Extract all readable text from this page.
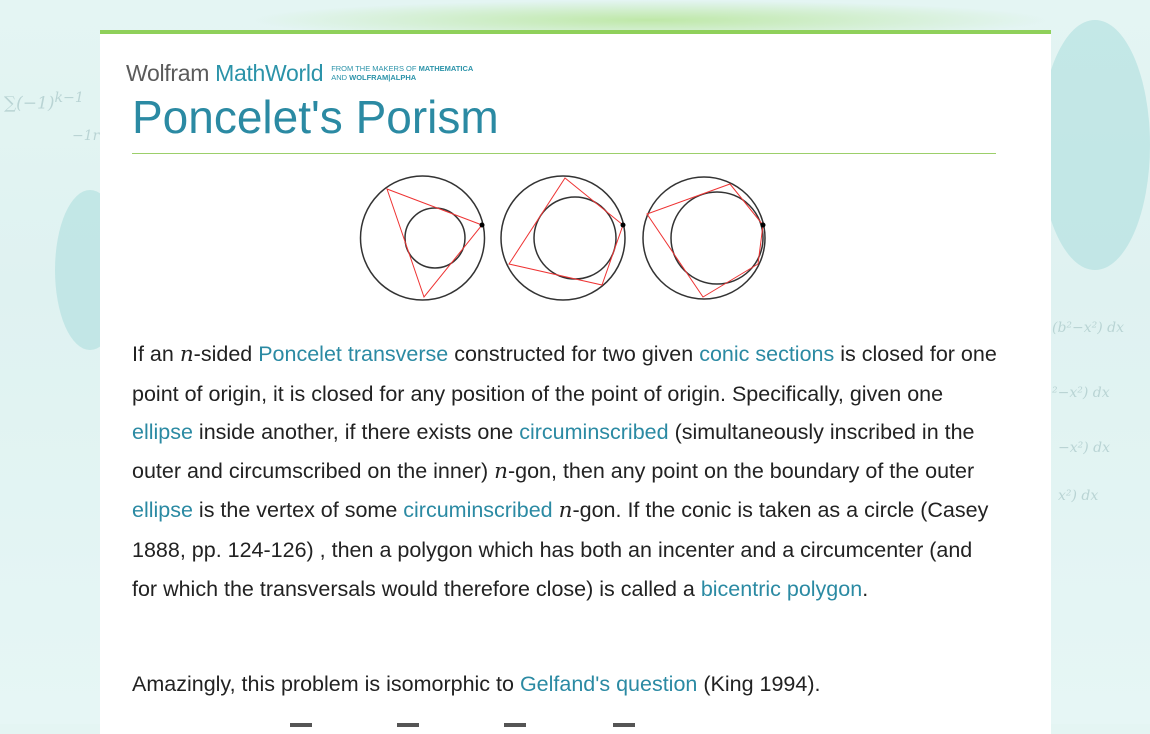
$\sum(-1)^{k-1}$
−1r
(b²−x²) dx
²−x²) dx
−x²) dx
x²) dx
Wolfram MathWorld FROM THE MAKERS OF MATHEMATICA
AND WOLFRAM|ALPHA
Poncelet's Porism
If an n-sided Poncelet transverse constructed for two given conic sections is closed for one point of origin, it is closed for any position of the point of origin. Specifically, given one ellipse inside another, if there exists one circuminscribed (simultaneously inscribed in the outer and circumscribed on the inner) n-gon, then any point on the boundary of the outer ellipse is the vertex of some circuminscribed n-gon. If the conic is taken as a circle (Casey 1888, pp. 124-126) , then a polygon which has both an incenter and a circumcenter (and for which the transversals would therefore close) is called a bicentric polygon.
Amazingly, this problem is isomorphic to Gelfand's question (King 1994).
